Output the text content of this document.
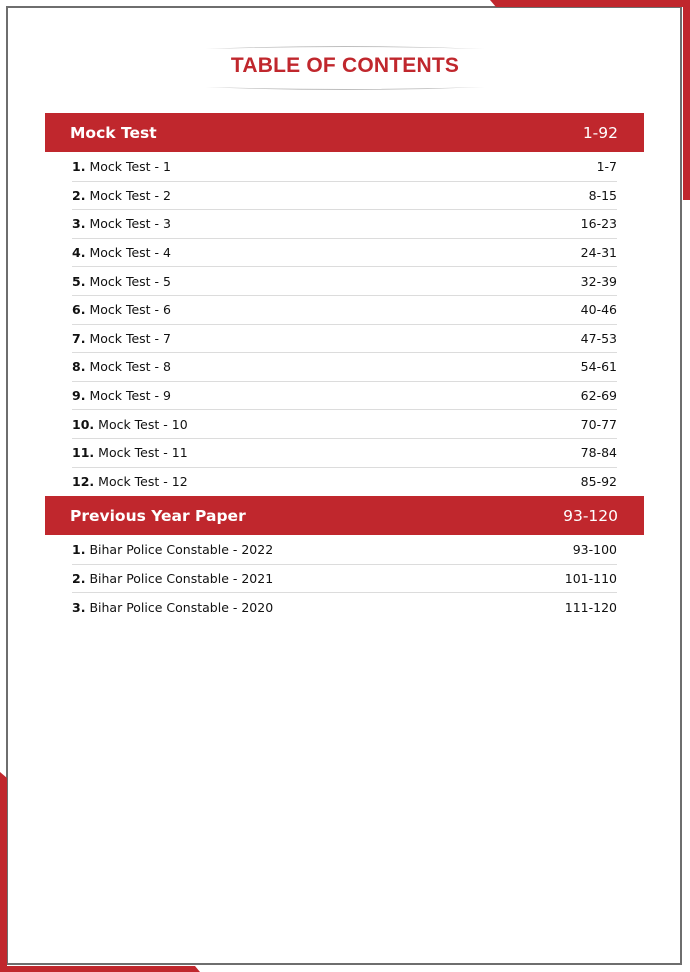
TABLE OF CONTENTS
Mock Test	1-92
1. Mock Test - 1	1-7
2. Mock Test - 2	8-15
3. Mock Test - 3	16-23
4. Mock Test - 4	24-31
5. Mock Test - 5	32-39
6. Mock Test - 6	40-46
7. Mock Test - 7	47-53
8. Mock Test - 8	54-61
9. Mock Test - 9	62-69
10. Mock Test - 10	70-77
11. Mock Test - 11	78-84
12. Mock Test - 12	85-92
Previous Year Paper	93-120
1. Bihar Police Constable - 2022	93-100
2. Bihar Police Constable - 2021	101-110
3. Bihar Police Constable - 2020	111-120
